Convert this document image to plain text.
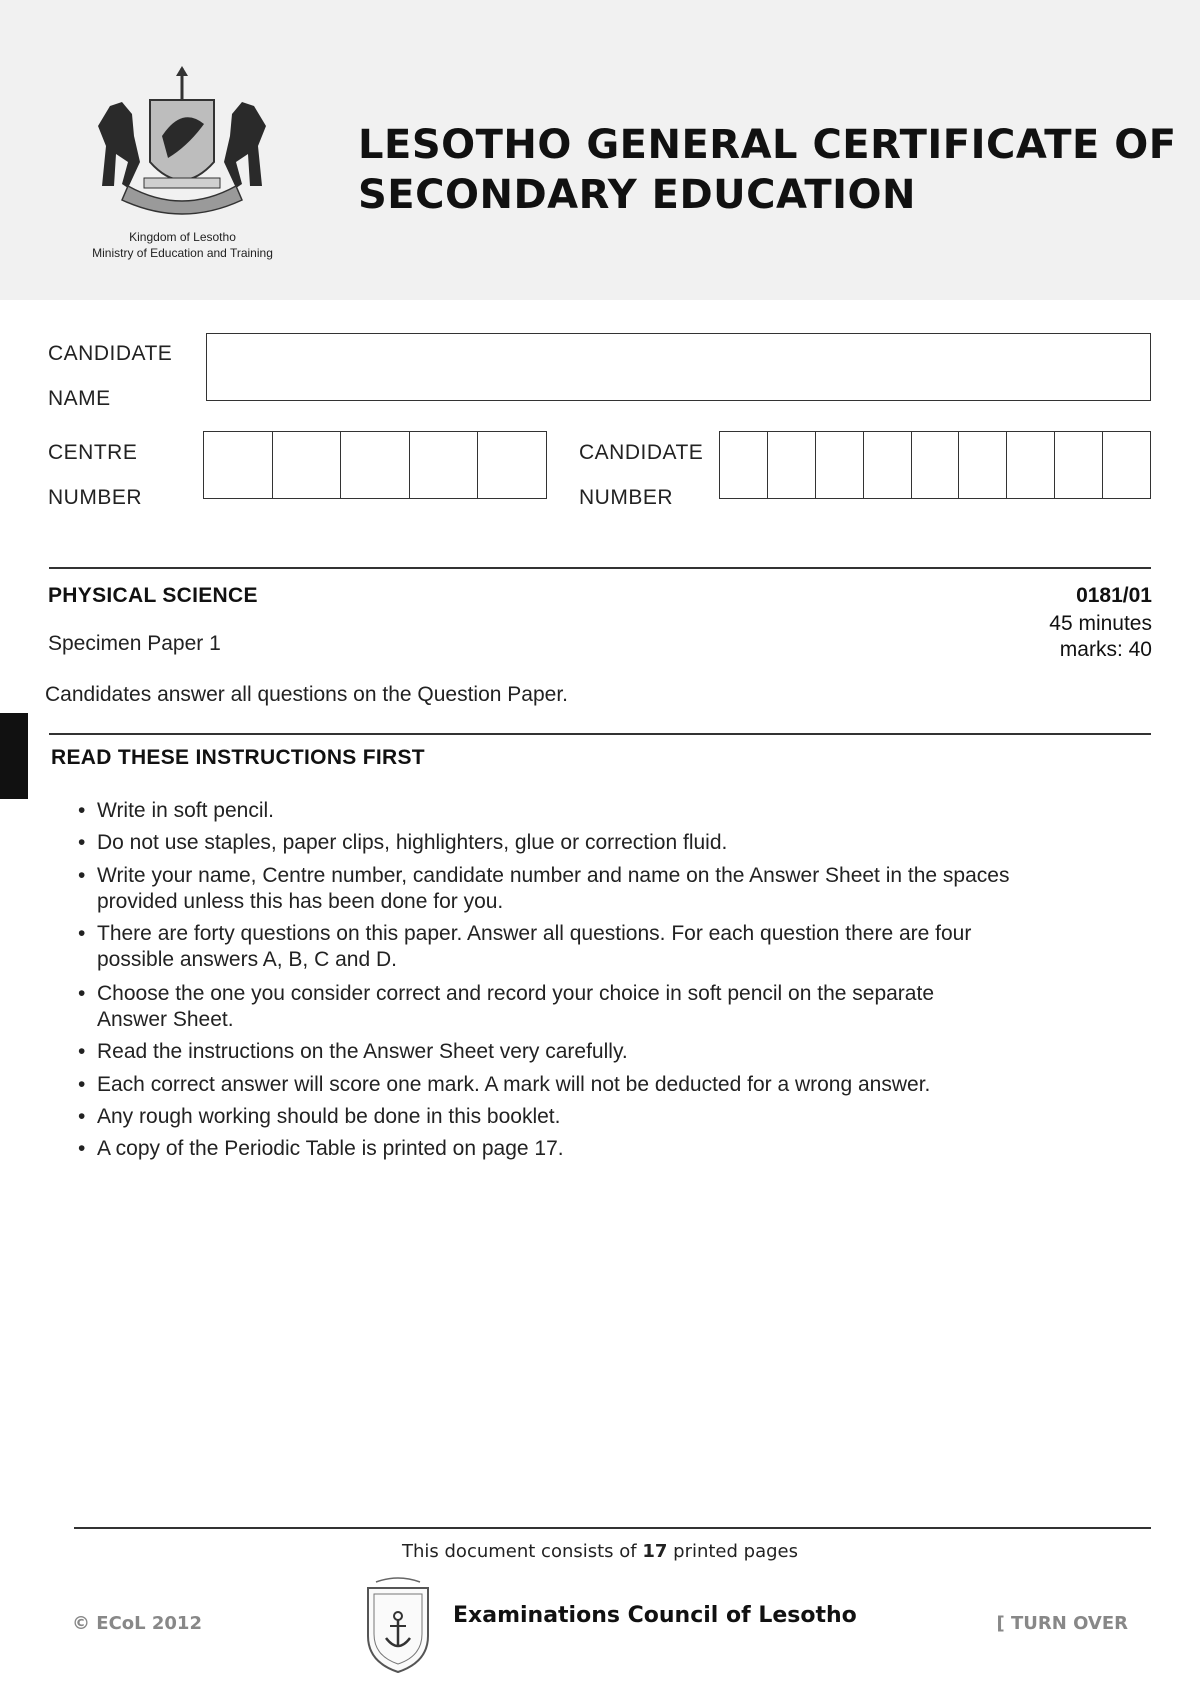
Kingdom of Lesotho
Ministry of Education and Training
LESOTHO GENERAL CERTIFICATE OF
SECONDARY EDUCATION
CANDIDATE
NAME
CENTRE
NUMBER
CANDIDATE
NUMBER
PHYSICAL SCIENCE	0181/01
45 minutes
marks: 40
Specimen Paper 1
Candidates answer all questions on the Question Paper.
READ THESE INSTRUCTIONS FIRST
• Write in soft pencil.
• Do not use staples, paper clips, highlighters, glue or correction fluid.
• Write your name, Centre number, candidate number and name on the Answer Sheet in the spaces provided unless this has been done for you.
• There are forty questions on this paper. Answer all questions. For each question there are four possible answers A, B, C and D.
• Choose the one you consider correct and record your choice in soft pencil on the separate Answer Sheet.
• Read the instructions on the Answer Sheet very carefully.
• Each correct answer will score one mark. A mark will not be deducted for a wrong answer.
• Any rough working should be done in this booklet.
• A copy of the Periodic Table is printed on page 17.
This document consists of 17 printed pages
© ECoL 2012	Examinations Council of Lesotho	[ TURN OVER
